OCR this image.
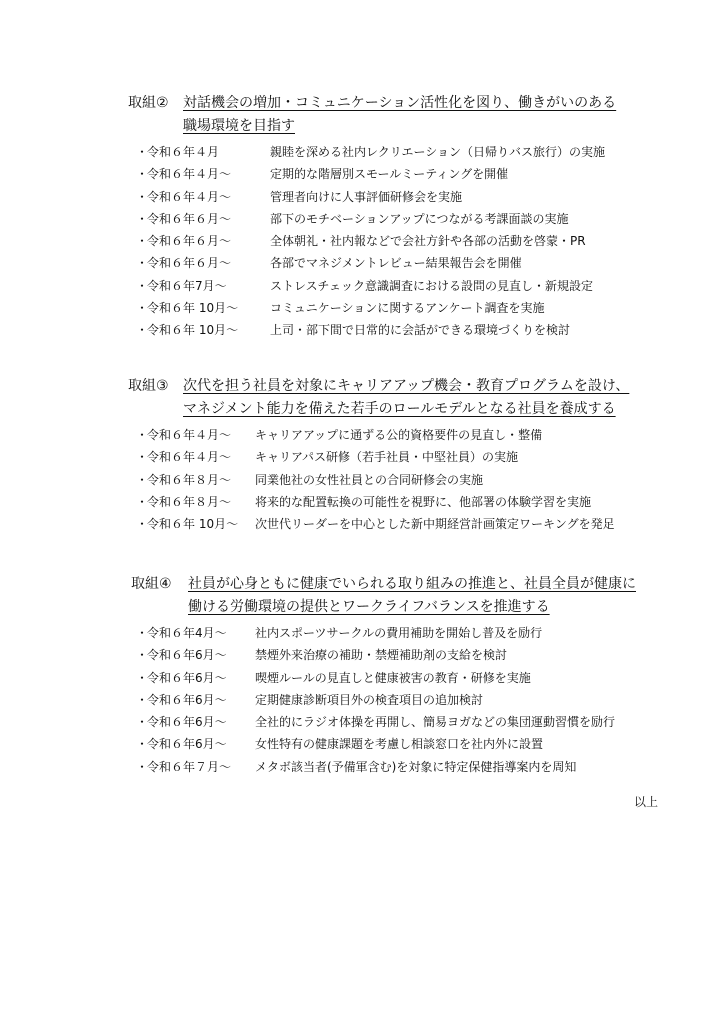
取組② 対話機会の増加・コミュニケーション活性化を図り、働きがいのある
職場環境を目指す
・
令和６年４月	親睦を深める社内レクリエーション（日帰りバス旅行）の実施
・
令和６年４月～	定期的な階層別スモールミーティングを開催
・
令和６年４月～	管理者向けに人事評価研修会を実施
・
令和６年６月～	部下のモチベーションアップにつながる考課面談の実施
・
令和６年６月～	全体朝礼・社内報などで会社方針や各部の活動を啓蒙・PR
・
令和６年６月～	各部でマネジメントレビュー結果報告会を開催
・
令和６年7月～	ストレスチェック意識調査における設問の見直し・新規設定
・
令和６年 10月～	コミュニケーションに関するアンケート調査を実施
・
令和６年 10月～	上司・部下間で日常的に会話ができる環境づくりを検討
取組③ 次代を担う社員を対象にキャリアアップ機会・教育プログラムを設け、
マネジメント能力を備えた若手のロールモデルとなる社員を養成する
・
令和６年４月～ キャリアアップに通ずる公的資格要件の見直し・整備
・
令和６年４月～ キャリアパス研修（若手社員・中堅社員）の実施
・
令和６年８月～ 同業他社の女性社員との合同研修会の実施
・
令和６年８月～ 将来的な配置転換の可能性を視野に、他部署の体験学習を実施
・
令和６年 10月～ 次世代リーダーを中心とした新中期経営計画策定ワーキングを発足
取組④ 社員が心身ともに健康でいられる取り組みの推進と、社員全員が健康に
働ける労働環境の提供とワークライフバランスを推進する
・
令和６年4月～ 社内スポーツサークルの費用補助を開始し普及を励行
・
令和６年6月～ 禁煙外来治療の補助・禁煙補助剤の支給を検討
・
令和６年6月～ 喫煙ルールの見直しと健康被害の教育・研修を実施
・
令和６年6月～ 定期健康診断項目外の検査項目の追加検討
・
令和６年6月～ 全社的にラジオ体操を再開し、簡易ヨガなどの集団運動習慣を励行
・
令和６年6月～ 女性特有の健康課題を考慮し相談窓口を社内外に設置
・
令和６年７月～ メタボ該当者(予備軍含む)を対象に特定保健指導案内を周知
以上
